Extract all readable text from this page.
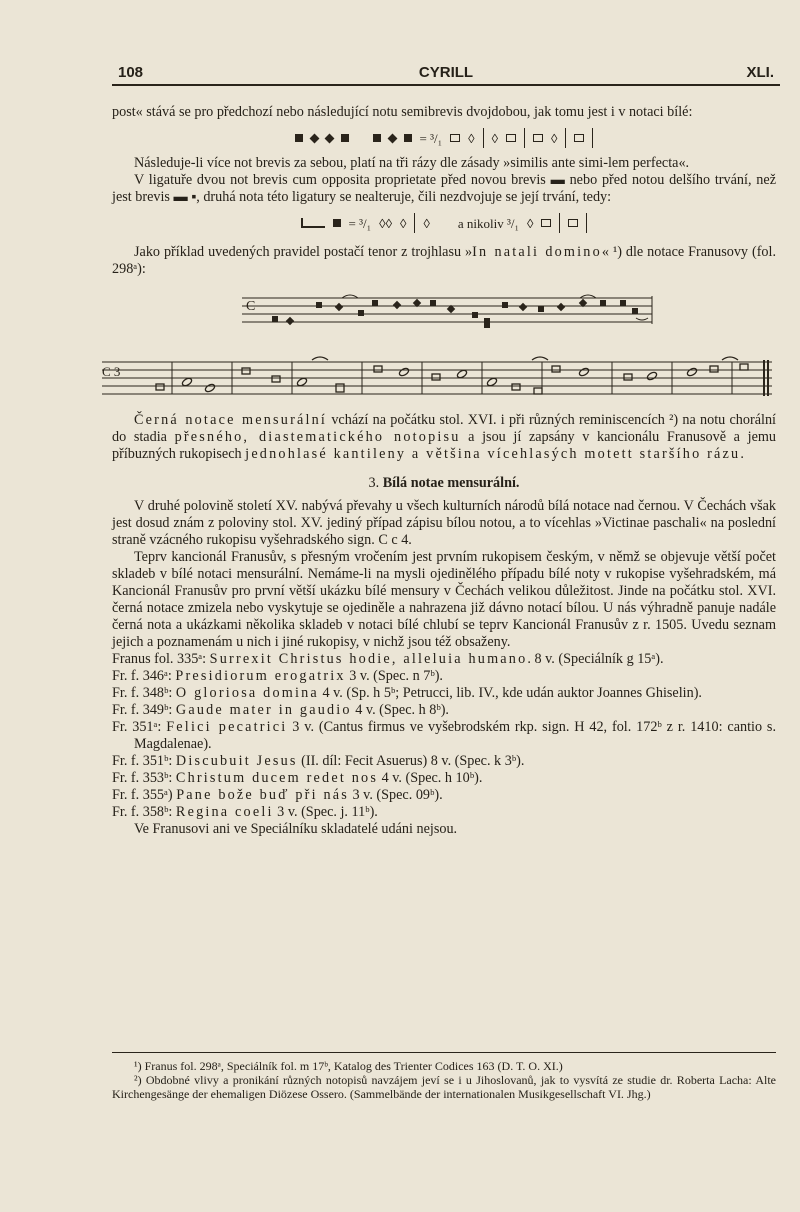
108	CYRILL	XLI.

post« stává se pro předchozí nebo následující notu semibrevis dvojdobou, jak tomu jest i v notaci bílé:

= ³/₁ ◊ ◊	◊

Následuje-li více not brevis za sebou, platí na tři rázy dle zásady »similis ante simi-lem perfecta«.

V ligatuře dvou not brevis cum opposita proprietate před novou brevis ▬ nebo před notou delšího trvání, než jest brevis ▬ ▪, druhá nota této ligatury se nealteruje, čili nezdvojuje se její trvání, tedy:

= ³/₁ ◊◊ ◊ ◊ a nikoliv ³/₁ ◊

Jako příklad uvedených pravidel postačí tenor z trojhlasu »In natali domino« ¹) dle notace Franusovy (fol. 298ᵃ):

C
C 3

Černá notace mensurální vchází na počátku stol. XVI. i při různých reminiscencích ²) na notu chorální do stadia přesného, diastematického notopisu a jsou jí zapsány v kancionálu Franusově a jemu příbuzných rukopisech jednohlasé kantileny a většina vícehlasých motett staršího rázu.

3. Bílá notae mensurální.

V druhé polovině století XV. nabývá převahy u všech kulturních národů bílá notace nad černou. V Čechách však jest dosud znám z poloviny stol. XV. jediný případ zápisu bílou notou, a to vícehlas »Victinae paschali« na poslední straně vzácného rukopisu vyšehradského sign. C c 4.

Teprv kancionál Franusův, s přesným vročením jest prvním rukopisem českým, v němž se objevuje větší počet skladeb v bílé notaci mensurální. Nemáme-li na mysli ojedinělého případu bílé noty v rukopise vyšehradském, má Kancionál Franusův pro první větší ukázku bílé mensury v Čechách velikou důležitost. Jinde na počátku stol. XVI. černá notace zmizela nebo vyskytuje se ojediněle a nahrazena již dávno notací bílou. U nás výhradně panuje nadále černá nota a ukázkami několika skladeb v notaci bílé chlubí se teprv Kancionál Franusův z r. 1505. Uvedu seznam jejich a poznamenám u nich i jiné rukopisy, v nichž jsou též obsaženy.

Franus fol. 335ᵃ: Surrexit Christus hodie, alleluia humano. 8 v. (Speciálník g 15ᵃ).

Fr. f. 346ᵃ: Presidiorum erogatrix 3 v. (Spec. n 7ᵇ).

Fr. f. 348ᵇ: O gloriosa domina 4 v. (Sp. h 5ᵇ; Petrucci, lib. IV., kde udán auktor Joannes Ghiselin).

Fr. f. 349ᵇ: Gaude mater in gaudio 4 v. (Spec. h 8ᵇ).

Fr. 351ᵃ: Felici pecatrici 3 v. (Cantus firmus ve vyšebrodském rkp. sign. H 42, fol. 172ᵇ z r. 1410: cantio s. Magdalenae).

Fr. f. 351ᵇ: Discubuit Jesus (II. díl: Fecit Asuerus) 8 v. (Spec. k 3ᵇ).

Fr. f. 353ᵇ: Christum ducem redet nos 4 v. (Spec. h 10ᵇ).

Fr. f. 355ᵃ) Pane bože buď při nás 3 v. (Spec. 09ᵇ).

Fr. f. 358ᵇ: Regina coeli 3 v. (Spec. j. 11ᵇ).

Ve Franusovi ani ve Speciálníku skladatelé udáni nejsou.

¹) Franus fol. 298ᵃ, Speciálník fol. m 17ᵇ, Katalog des Trienter Codices 163 (D. T. O. XI.)

²) Obdobné vlivy a pronikání různých notopisů navzájem jeví se i u Jihoslovanů, jak to vysvítá ze studie dr. Roberta Lacha: Alte Kirchengesänge der ehemaligen Diözese Ossero. (Sammelbände der internationalen Musikgesellschaft VI. Jhg.)
